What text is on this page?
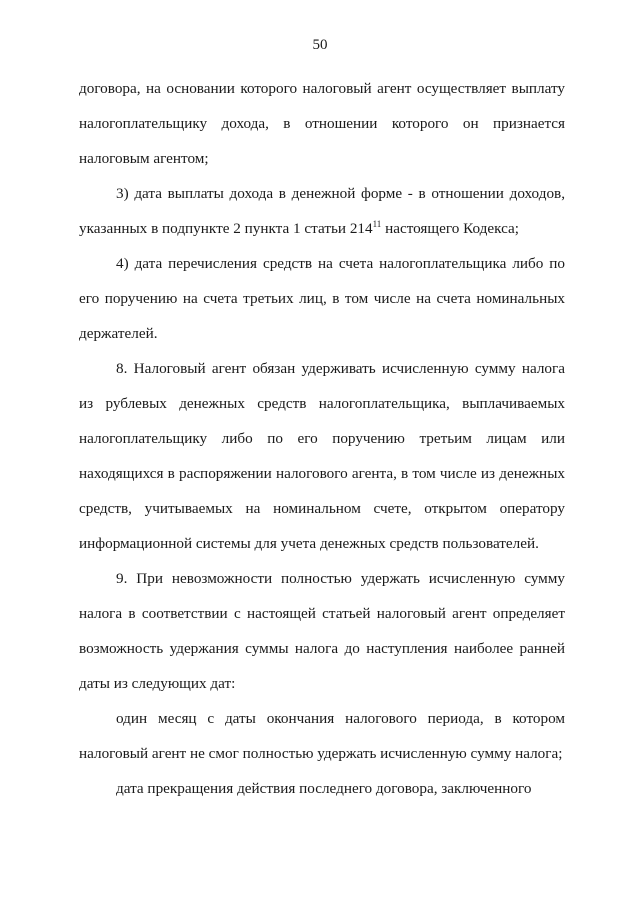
50

договора, на основании которого налоговый агент осуществляет выплату налогоплательщику дохода, в отношении которого он признается налоговым агентом;

3) дата выплаты дохода в денежной форме - в отношении доходов, указанных в подпункте 2 пункта 1 статьи $214^{11}$ настоящего Кодекса;

4) дата перечисления средств на счета налогоплательщика либо по его поручению на счета третьих лиц, в том числе на счета номинальных держателей.

8. Налоговый агент обязан удерживать исчисленную сумму налога из рублевых денежных средств налогоплательщика, выплачиваемых налогоплательщику либо по его поручению третьим лицам или находящихся в распоряжении налогового агента, в том числе из денежных средств, учитываемых на номинальном счете, открытом оператору информационной системы для учета денежных средств пользователей.

9. При невозможности полностью удержать исчисленную сумму налога в соответствии с настоящей статьей налоговый агент определяет возможность удержания суммы налога до наступления наиболее ранней даты из следующих дат:

один месяц с даты окончания налогового периода, в котором налоговый агент не смог полностью удержать исчисленную сумму налога;

дата прекращения действия последнего договора, заключенного
